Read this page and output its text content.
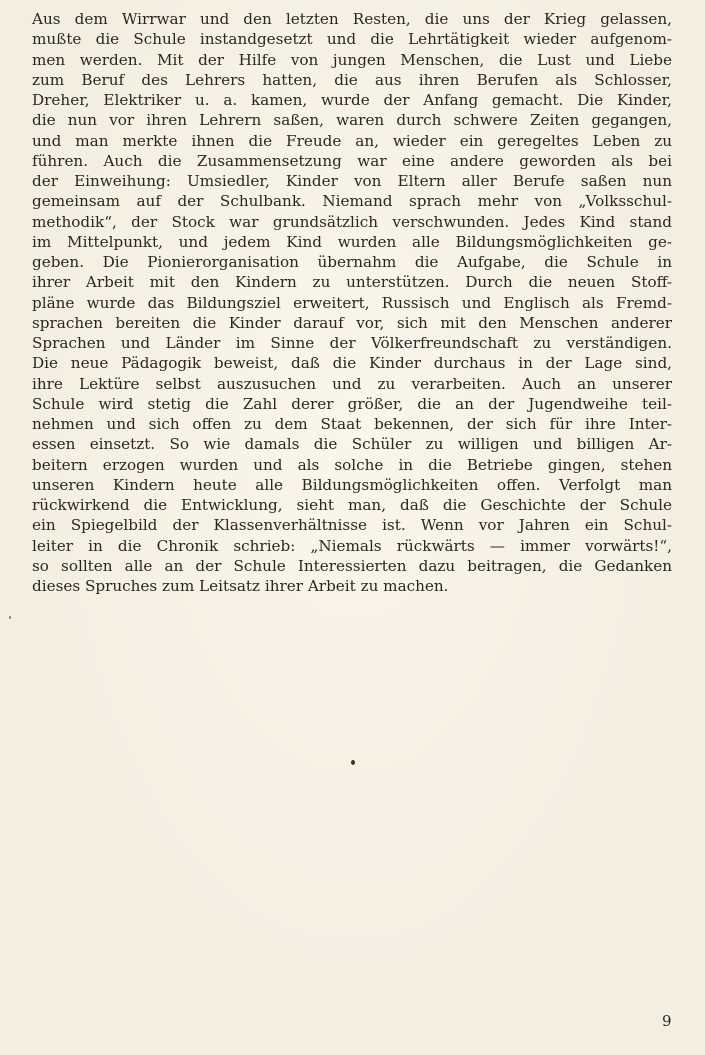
Aus dem Wirrwar und den letzten Resten, die uns der Krieg gelassen,
mußte die Schule instandgesetzt und die Lehrtätigkeit wieder aufgenom-
men werden. Mit der Hilfe von jungen Menschen, die Lust und Liebe
zum Beruf des Lehrers hatten, die aus ihren Berufen als Schlosser,
Dreher, Elektriker u. a. kamen, wurde der Anfang gemacht. Die Kinder,
die nun vor ihren Lehrern saßen, waren durch schwere Zeiten gegangen,
und man merkte ihnen die Freude an, wieder ein geregeltes Leben zu
führen. Auch die Zusammensetzung war eine andere geworden als bei
der Einweihung: Umsiedler, Kinder von Eltern aller Berufe saßen nun
gemeinsam auf der Schulbank. Niemand sprach mehr von „Volksschul-
methodik“, der Stock war grundsätzlich verschwunden. Jedes Kind stand
im Mittelpunkt, und jedem Kind wurden alle Bildungsmöglichkeiten ge-
geben. Die Pionierorganisation übernahm die Aufgabe, die Schule in
ihrer Arbeit mit den Kindern zu unterstützen. Durch die neuen Stoff-
pläne wurde das Bildungsziel erweitert, Russisch und Englisch als Fremd-
sprachen bereiten die Kinder darauf vor, sich mit den Menschen anderer
Sprachen und Länder im Sinne der Völkerfreundschaft zu verständigen.
Die neue Pädagogik beweist, daß die Kinder durchaus in der Lage sind,
ihre Lektüre selbst auszusuchen und zu verarbeiten. Auch an unserer
Schule wird stetig die Zahl derer größer, die an der Jugendweihe teil-
nehmen und sich offen zu dem Staat bekennen, der sich für ihre Inter-
essen einsetzt. So wie damals die Schüler zu willigen und billigen Ar-
beitern erzogen wurden und als solche in die Betriebe gingen, stehen
unseren Kindern heute alle Bildungsmöglichkeiten offen. Verfolgt man
rückwirkend die Entwicklung, sieht man, daß die Geschichte der Schule
ein Spiegelbild der Klassenverhältnisse ist. Wenn vor Jahren ein Schul-
leiter in die Chronik schrieb: „Niemals rückwärts — immer vorwärts!“,
so sollten alle an der Schule Interessierten dazu beitragen, die Gedanken
dieses Spruches zum Leitsatz ihrer Arbeit zu machen.
9
